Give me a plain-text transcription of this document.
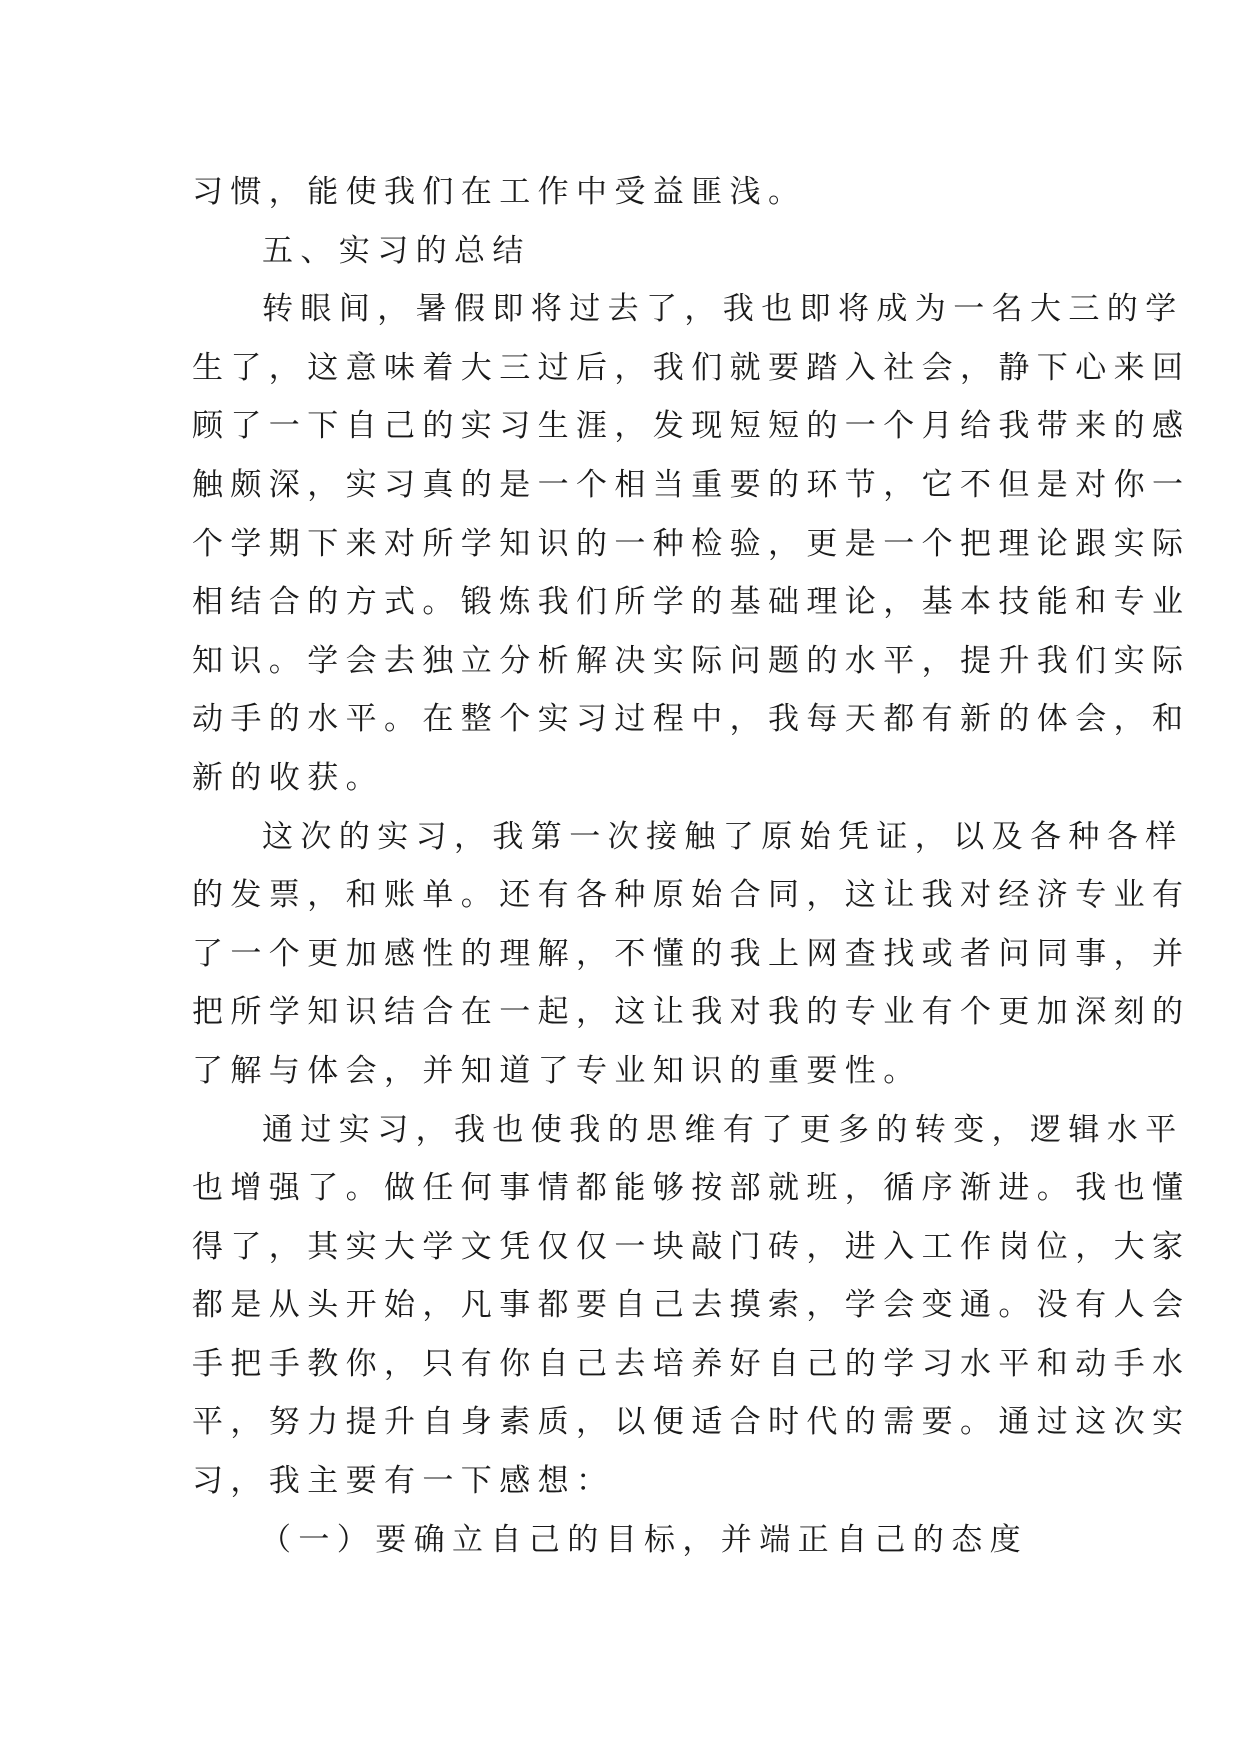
习惯，能使我们在工作中受益匪浅。
五、实习的总结
转眼间，暑假即将过去了，我也即将成为一名大三的学
生了，这意味着大三过后，我们就要踏入社会，静下心来回
顾了一下自己的实习生涯，发现短短的一个月给我带来的感
触颇深，实习真的是一个相当重要的环节，它不但是对你一
个学期下来对所学知识的一种检验，更是一个把理论跟实际
相结合的方式。锻炼我们所学的基础理论，基本技能和专业
知识。学会去独立分析解决实际问题的水平，提升我们实际
动手的水平。在整个实习过程中，我每天都有新的体会，和
新的收获。
这次的实习，我第一次接触了原始凭证，以及各种各样
的发票，和账单。还有各种原始合同，这让我对经济专业有
了一个更加感性的理解，不懂的我上网查找或者问同事，并
把所学知识结合在一起，这让我对我的专业有个更加深刻的
了解与体会，并知道了专业知识的重要性。
通过实习，我也使我的思维有了更多的转变，逻辑水平
也增强了。做任何事情都能够按部就班，循序渐进。我也懂
得了，其实大学文凭仅仅一块敲门砖，进入工作岗位，大家
都是从头开始，凡事都要自己去摸索，学会变通。没有人会
手把手教你，只有你自己去培养好自己的学习水平和动手水
平，努力提升自身素质，以便适合时代的需要。通过这次实
习，我主要有一下感想：
（一）要确立自己的目标，并端正自己的态度
